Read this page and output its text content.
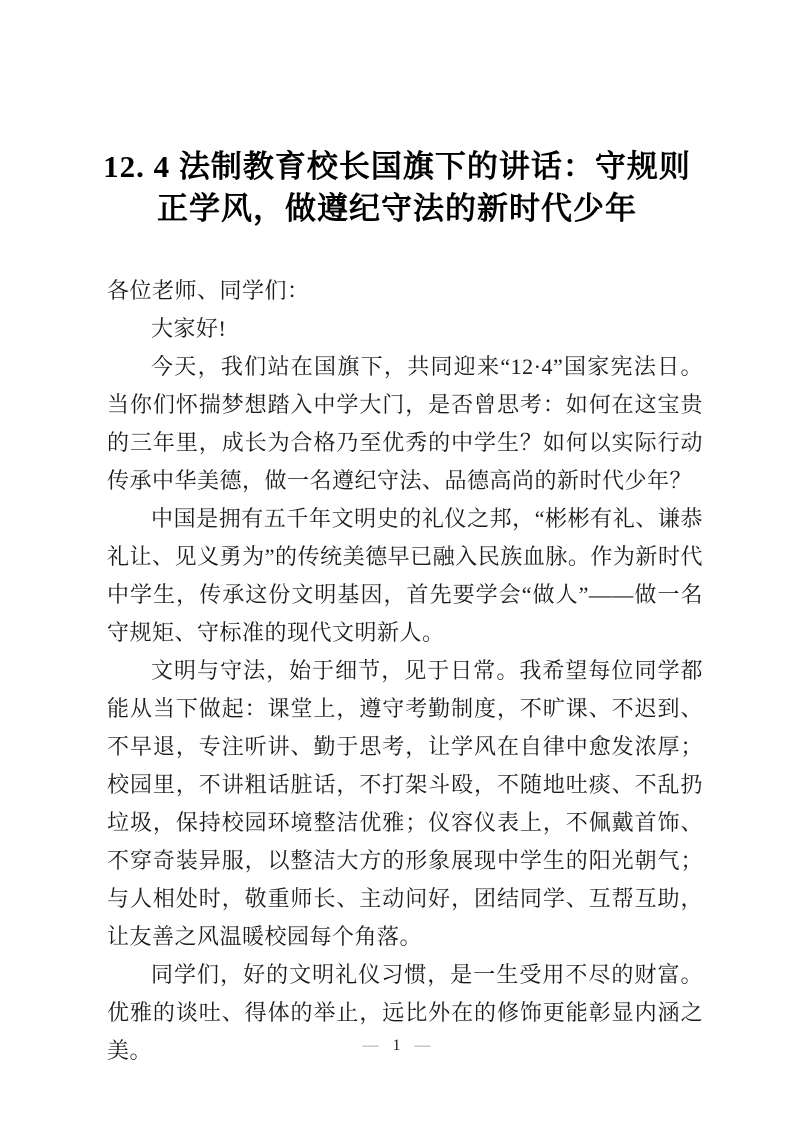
12. 4 法制教育校长国旗下的讲话：守规则
正学风，做遵纪守法的新时代少年

各位老师、同学们：

大家好!

今天，我们站在国旗下，共同迎来“12·4”国家宪法日。当你们怀揣梦想踏入中学大门，是否曾思考：如何在这宝贵的三年里，成长为合格乃至优秀的中学生？如何以实际行动传承中华美德，做一名遵纪守法、品德高尚的新时代少年？

中国是拥有五千年文明史的礼仪之邦，“彬彬有礼、谦恭礼让、见义勇为”的传统美德早已融入民族血脉。作为新时代中学生，传承这份文明基因，首先要学会“做人”——做一名守规矩、守标准的现代文明新人。

文明与守法，始于细节，见于日常。我希望每位同学都能从当下做起：课堂上，遵守考勤制度，不旷课、不迟到、不早退，专注听讲、勤于思考，让学风在自律中愈发浓厚；校园里，不讲粗话脏话，不打架斗殴，不随地吐痰、不乱扔垃圾，保持校园环境整洁优雅；仪容仪表上，不佩戴首饰、不穿奇装异服，以整洁大方的形象展现中学生的阳光朝气；与人相处时，敬重师长、主动问好，团结同学、互帮互助，让友善之风温暖校园每个角落。

同学们，好的文明礼仪习惯，是一生受用不尽的财富。优雅的谈吐、得体的举止，远比外在的修饰更能彰显内涵之美。	— 1 —
